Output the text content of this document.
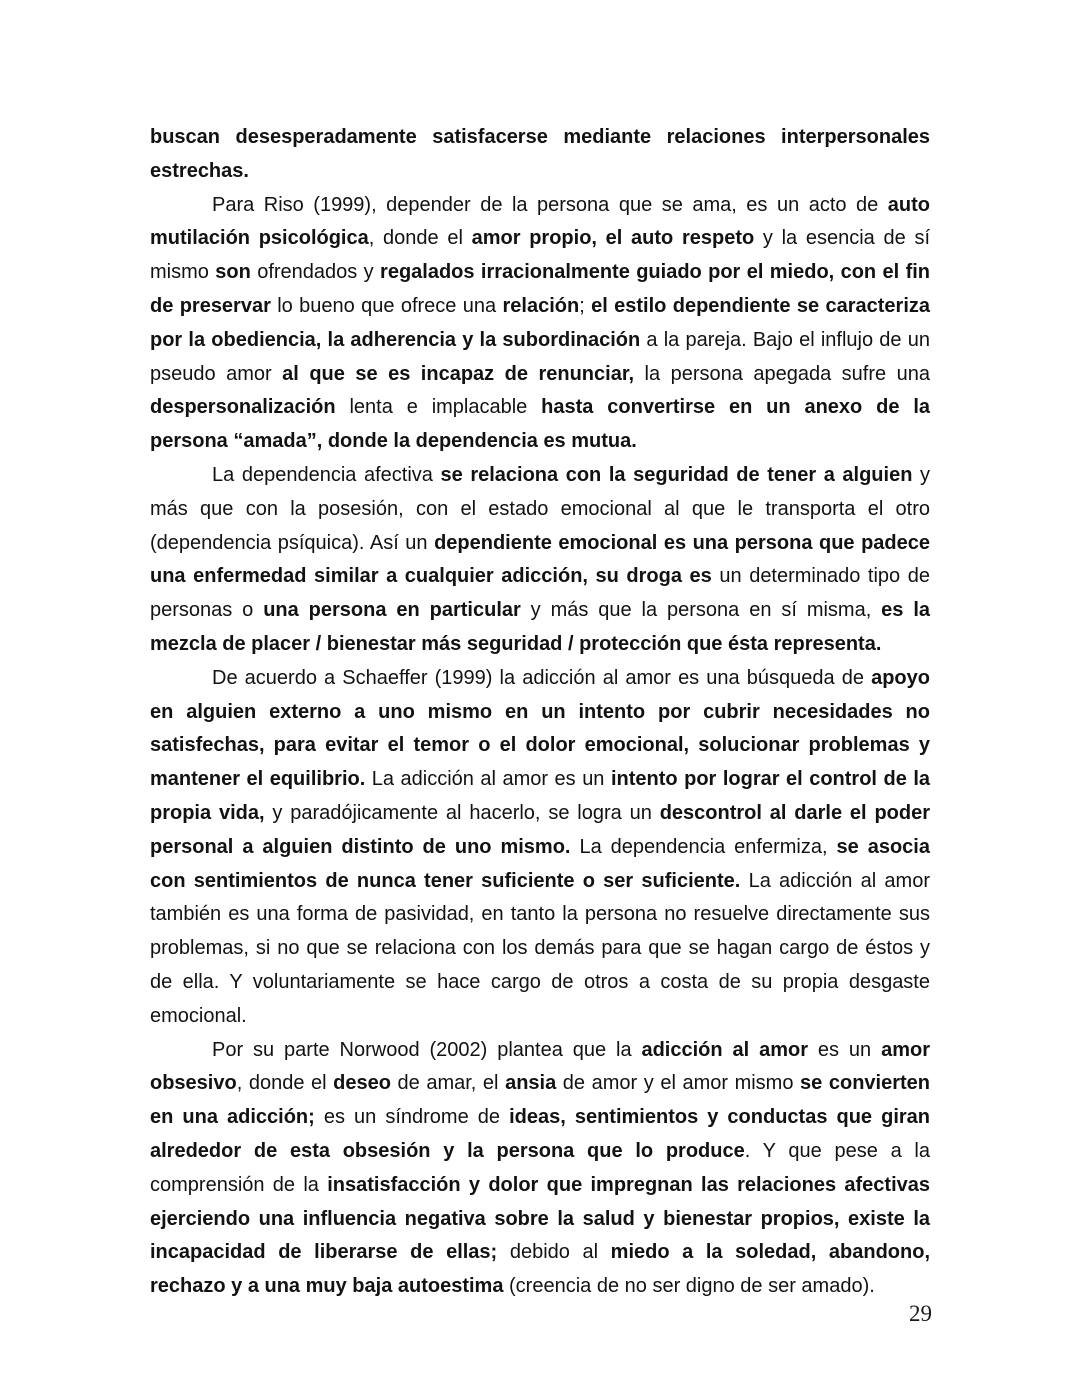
buscan desesperadamente satisfacerse mediante relaciones interpersonales estrechas.

Para Riso (1999), depender de la persona que se ama, es un acto de auto mutilación psicológica, donde el amor propio, el auto respeto y la esencia de sí mismo son ofrendados y regalados irracionalmente guiado por el miedo, con el fin de preservar lo bueno que ofrece una relación; el estilo dependiente se caracteriza por la obediencia, la adherencia y la subordinación a la pareja. Bajo el influjo de un pseudo amor al que se es incapaz de renunciar, la persona apegada sufre una despersonalización lenta e implacable hasta convertirse en un anexo de la persona “amada”, donde la dependencia es mutua.

La dependencia afectiva se relaciona con la seguridad de tener a alguien y más que con la posesión, con el estado emocional al que le transporta el otro (dependencia psíquica). Así un dependiente emocional es una persona que padece una enfermedad similar a cualquier adicción, su droga es un determinado tipo de personas o una persona en particular y más que la persona en sí misma, es la mezcla de placer / bienestar más seguridad / protección que ésta representa.

De acuerdo a Schaeffer (1999) la adicción al amor es una búsqueda de apoyo en alguien externo a uno mismo en un intento por cubrir necesidades no satisfechas, para evitar el temor o el dolor emocional, solucionar problemas y mantener el equilibrio. La adicción al amor es un intento por lograr el control de la propia vida, y paradójicamente al hacerlo, se logra un descontrol al darle el poder personal a alguien distinto de uno mismo. La dependencia enfermiza, se asocia con sentimientos de nunca tener suficiente o ser suficiente. La adicción al amor también es una forma de pasividad, en tanto la persona no resuelve directamente sus problemas, si no que se relaciona con los demás para que se hagan cargo de éstos y de ella. Y voluntariamente se hace cargo de otros a costa de su propia desgaste emocional.

Por su parte Norwood (2002) plantea que la adicción al amor es un amor obsesivo, donde el deseo de amar, el ansia de amor y el amor mismo se convierten en una adicción; es un síndrome de ideas, sentimientos y conductas que giran alrededor de esta obsesión y la persona que lo produce. Y que pese a la comprensión de la insatisfacción y dolor que impregnan las relaciones afectivas ejerciendo una influencia negativa sobre la salud y bienestar propios, existe la incapacidad de liberarse de ellas; debido al miedo a la soledad, abandono, rechazo y a una muy baja autoestima (creencia de no ser digno de ser amado).

29
